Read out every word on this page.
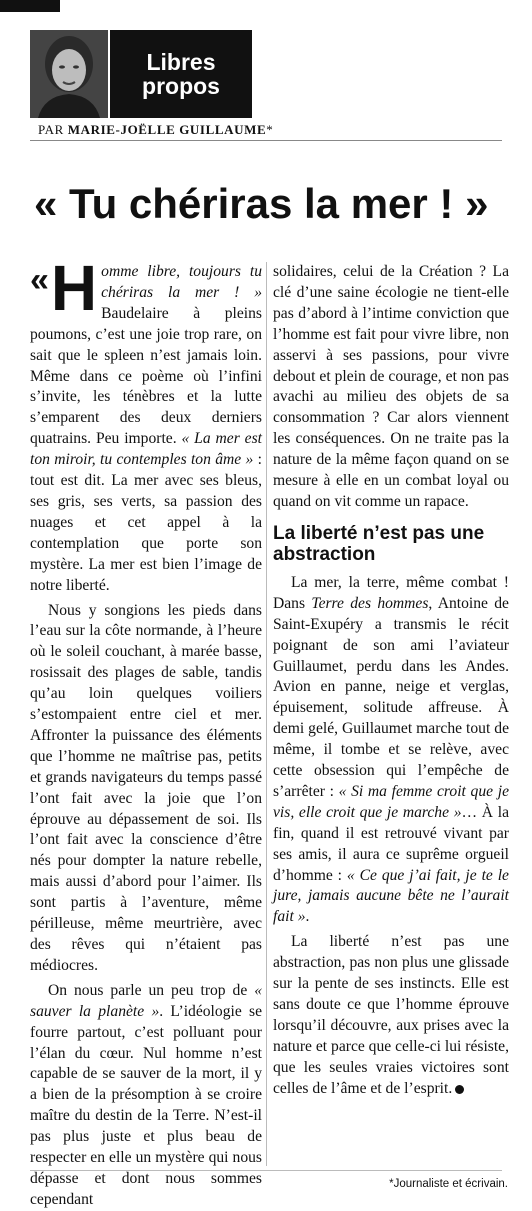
Libres
propos
PAR MARIE-JOËLLE GUILLAUME*
« Tu chériras la mer ! »

« H omme libre, toujours tu chériras la mer ! » Baudelaire à pleins poumons, c’est une joie trop rare, on sait que le spleen n’est jamais loin. Même dans ce poème où l’infini s’invite, les ténèbres et la lutte s’emparent des deux derniers quatrains. Peu importe. « La mer est ton miroir, tu contemples ton âme » : tout est dit. La mer avec ses bleus, ses gris, ses verts, sa passion des nuages et cet appel à la contemplation que porte son mystère. La mer est bien l’image de notre liberté.

Nous y songions les pieds dans l’eau sur la côte normande, à l’heure où le soleil couchant, à marée basse, rosissait des plages de sable, tandis qu’au loin quelques voiliers s’estompaient entre ciel et mer. Affronter la puissance des éléments que l’homme ne maîtrise pas, petits et grands navigateurs du temps passé l’ont fait avec la joie que l’on éprouve au dépassement de soi. Ils l’ont fait avec la conscience d’être nés pour dompter la nature rebelle, mais aussi d’abord pour l’aimer. Ils sont partis à l’aventure, même périlleuse, même meurtrière, avec des rêves qui n’étaient pas médiocres.

On nous parle un peu trop de « sauver la planète ». L’idéologie se fourre partout, c’est polluant pour l’élan du cœur. Nul homme n’est capable de se sauver de la mort, il y a bien de la présomption à se croire maître du destin de la Terre. N’est-il pas plus juste et plus beau de respecter en elle un mystère qui nous dépasse et dont nous sommes cependant

solidaires, celui de la Création ? La clé d’une saine écologie ne tient-elle pas d’abord à l’intime conviction que l’homme est fait pour vivre libre, non asservi à ses passions, pour vivre debout et plein de courage, et non pas avachi au milieu des objets de sa consommation ? Car alors viennent les conséquences. On ne traite pas la nature de la même façon quand on se mesure à elle en un combat loyal ou quand on vit comme un rapace.

La liberté n’est pas une abstraction

La mer, la terre, même combat ! Dans Terre des hommes, Antoine de Saint-Exupéry a transmis le récit poignant de son ami l’aviateur Guillaumet, perdu dans les Andes. Avion en panne, neige et verglas, épuisement, solitude affreuse. À demi gelé, Guillaumet marche tout de même, il tombe et se relève, avec cette obsession qui l’empêche de s’arrêter : « Si ma femme croit que je vis, elle croit que je marche »… À la fin, quand il est retrouvé vivant par ses amis, il aura ce suprême orgueil d’homme : « Ce que j’ai fait, je te le jure, jamais aucune bête ne l’aurait fait ».

La liberté n’est pas une abstraction, pas non plus une glissade sur la pente de ses instincts. Elle est sans doute ce que l’homme éprouve lorsqu’il découvre, aux prises avec la nature et parce que celle-ci lui résiste, que les seules vraies victoires sont celles de l’âme et de l’esprit.

*Journaliste et écrivain.
